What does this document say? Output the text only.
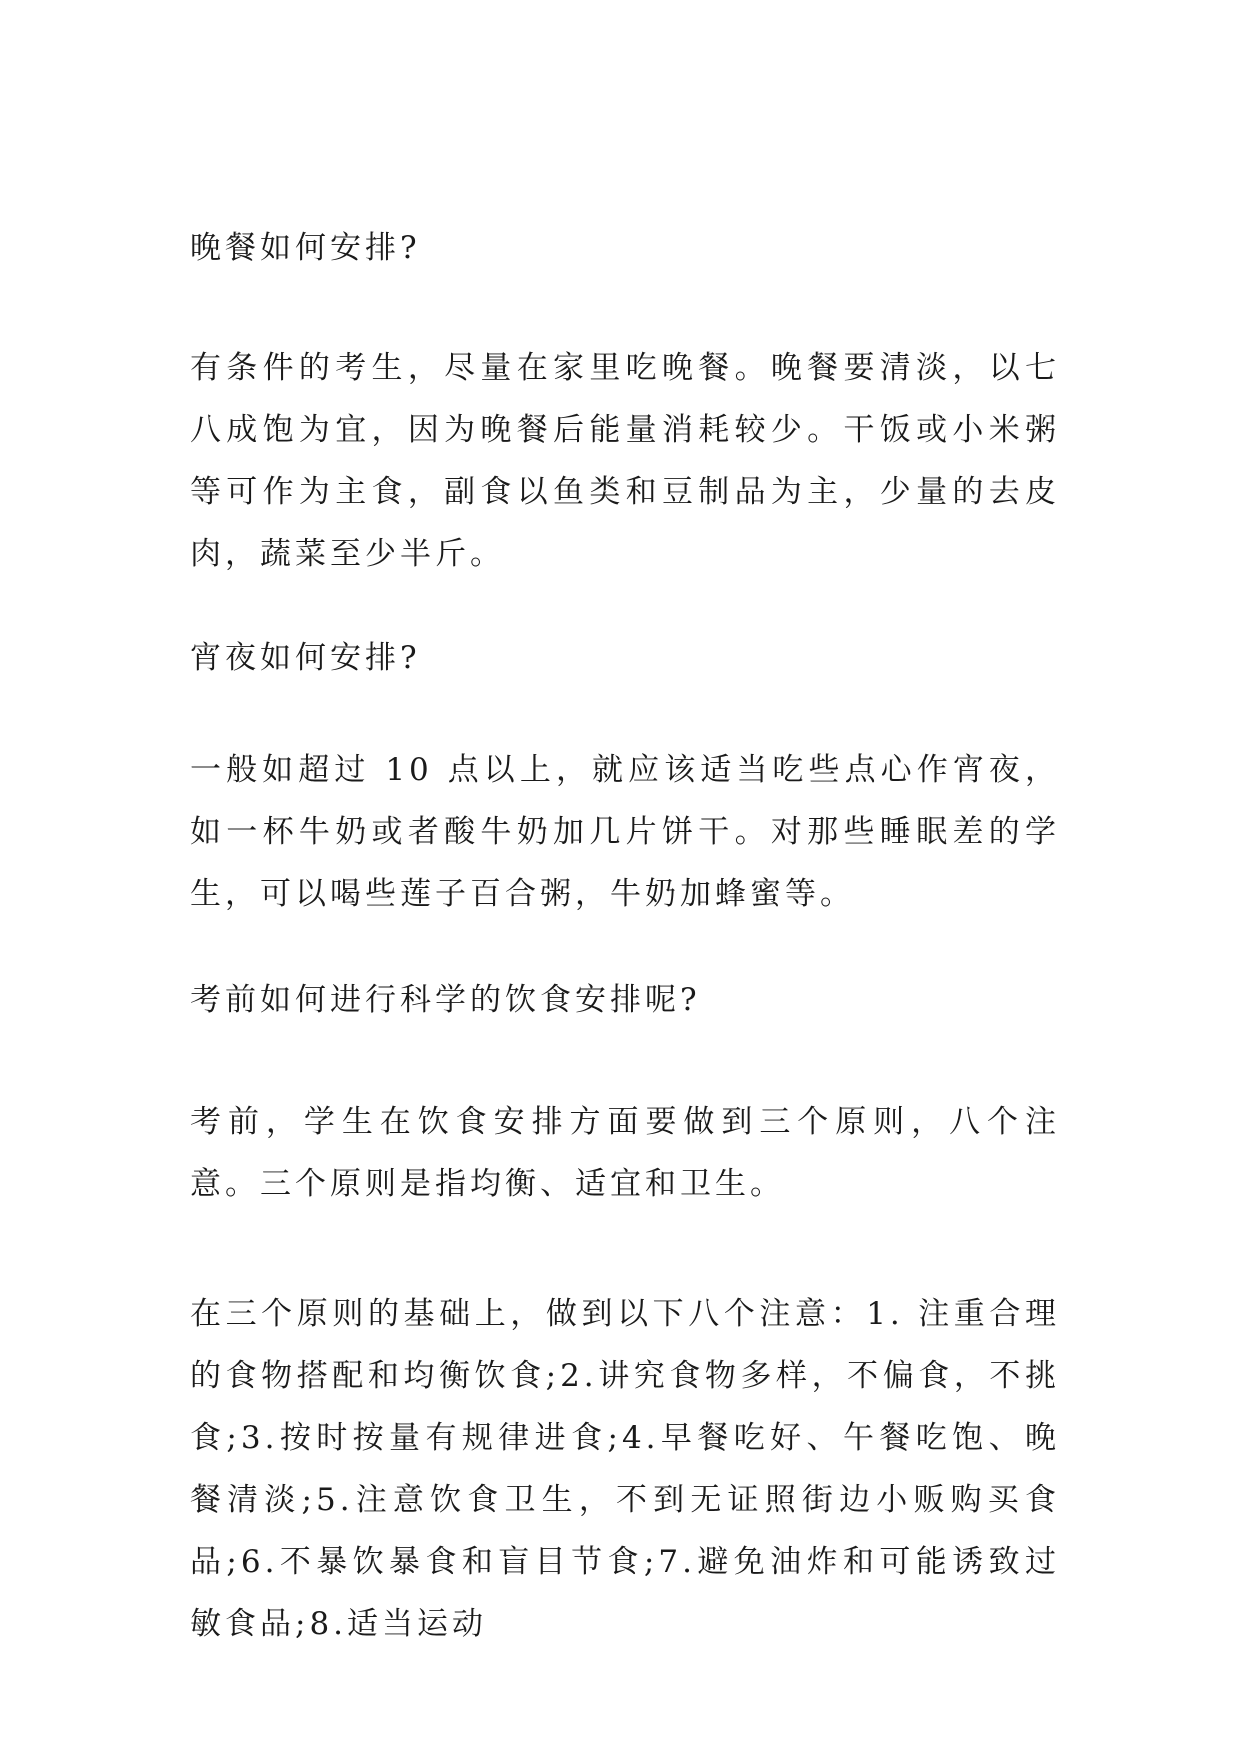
晚餐如何安排?

有条件的考生，尽量在家里吃晚餐。晚餐要清淡，以七八成饱为宜，因为晚餐后能量消耗较少。干饭或小米粥等可作为主食，副食以鱼类和豆制品为主，少量的去皮肉，蔬菜至少半斤。

宵夜如何安排?

一般如超过 10 点以上，就应该适当吃些点心作宵夜，如一杯牛奶或者酸牛奶加几片饼干。对那些睡眠差的学生，可以喝些莲子百合粥，牛奶加蜂蜜等。

考前如何进行科学的饮食安排呢?

考前，学生在饮食安排方面要做到三个原则，八个注意。三个原则是指均衡、适宜和卫生。

在三个原则的基础上，做到以下八个注意：1. 注重合理的食物搭配和均衡饮食;2.讲究食物多样，不偏食，不挑食;3.按时按量有规律进食;4.早餐吃好、午餐吃饱、晚餐清淡;5.注意饮食卫生，不到无证照街边小贩购买食品;6.不暴饮暴食和盲目节食;7.避免油炸和可能诱致过敏食品;8.适当运动
